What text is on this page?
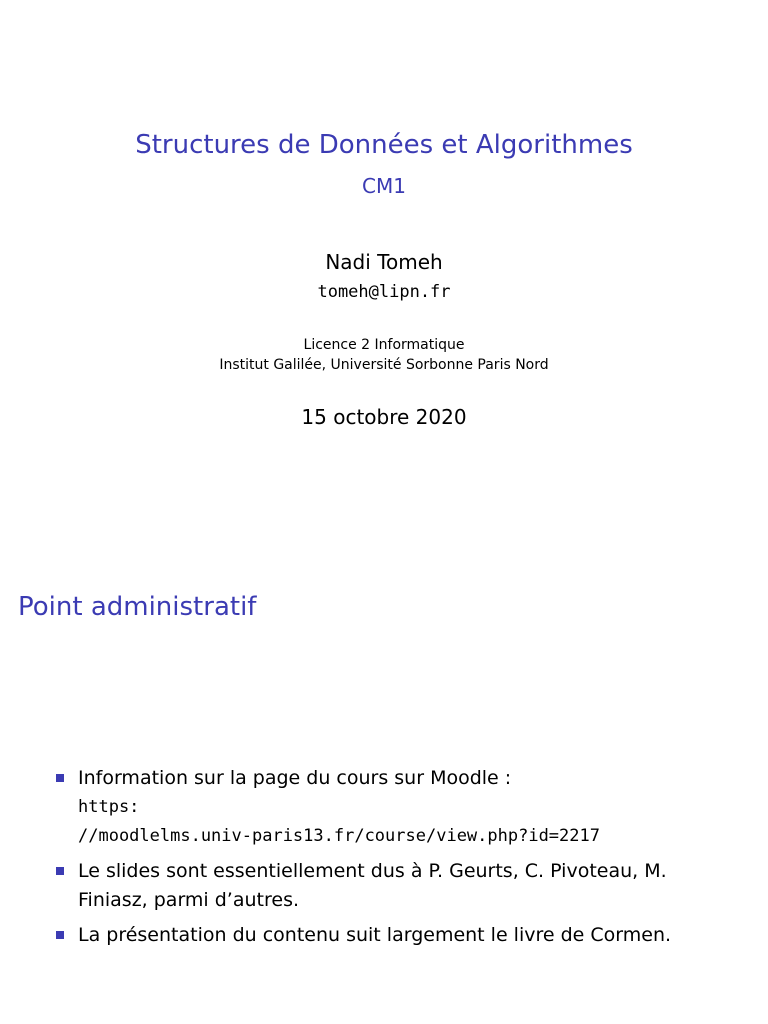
Structures de Données et Algorithmes
CM1
Nadi Tomeh
tomeh@lipn.fr
Licence 2 Informatique
Institut Galilée, Université Sorbonne Paris Nord
15 octobre 2020
Point administratif
Information sur la page du cours sur Moodle :
https:
//moodlelms.univ-paris13.fr/course/view.php?id=2217
Le slides sont essentiellement dus à P. Geurts, C. Pivoteau, M.
Finiasz, parmi d’autres.
La présentation du contenu suit largement le livre de Cormen.
